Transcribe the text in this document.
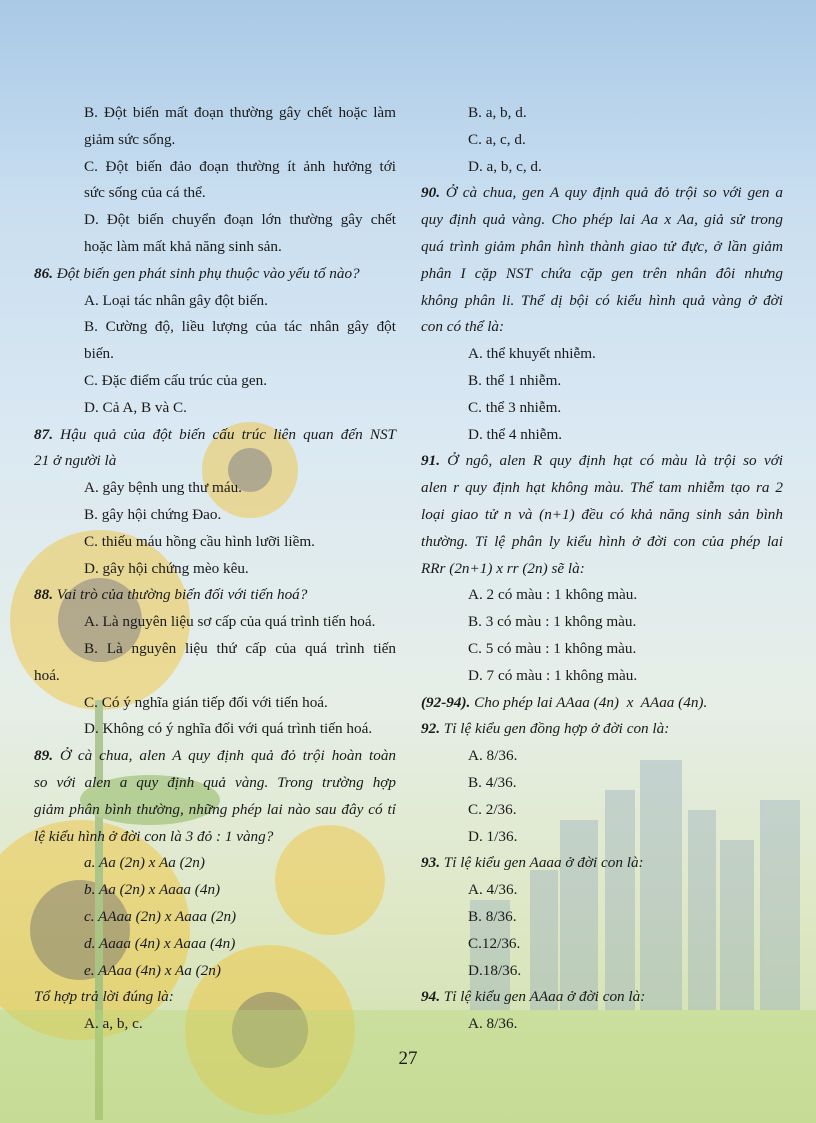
B. Đột biến mất đoạn thường gây chết hoặc làm
giảm sức sống.
C. Đột biến đảo đoạn thường ít ảnh hưởng tới
sức sống của cá thể.
D. Đột biến chuyển đoạn lớn thường gây chết
hoặc làm mất khả năng sinh sản.
86. Đột biến gen phát sinh phụ thuộc vào yếu tố nào?
A. Loại tác nhân gây đột biến.
B. Cường độ, liều lượng của tác nhân gây đột
biến.
C. Đặc điểm cấu trúc của gen.
D. Cả A, B và C.
87. Hậu quả của đột biến cấu trúc liên quan đến NST
21 ở người là
A. gây bệnh ung thư máu.
B. gây hội chứng Đao.
C. thiếu máu hồng cầu hình lưỡi liềm.
D. gây hội chứng mèo kêu.
88. Vai trò của thường biến đối với tiến hoá?
A. Là nguyên liệu sơ cấp của quá trình tiến hoá.
B. Là nguyên liệu thứ cấp của quá trình tiến
hoá.
C. Có ý nghĩa gián tiếp đối với tiến hoá.
D. Không có ý nghĩa đối với quá trình tiến hoá.
89. Ở cà chua, alen A quy định quả đỏ trội hoàn toàn
so với alen a quy định quả vàng. Trong trường hợp
giảm phân bình thường, những phép lai nào sau đây có tỉ
lệ kiểu hình ở đời con là 3 đỏ : 1 vàng?
a. Aa (2n) x Aa (2n)
b. Aa (2n) x Aaaa (4n)
c. AAaa (2n) x Aaaa (2n)
d. Aaaa (4n) x Aaaa (4n)
e. AAaa (4n) x Aa (2n)
Tổ hợp trả lời đúng là:
A. a, b, c.
B. a, b, d.
C. a, c, d.
D. a, b, c, d.
90. Ở cà chua, gen A quy định quả đỏ trội so với gen a
quy định quả vàng. Cho phép lai Aa x Aa, giả sử trong
quá trình giảm phân hình thành giao tử đực, ở lần giảm
phân I cặp NST chứa cặp gen trên nhân đôi nhưng
không phân li. Thể dị bội có kiểu hình quả vàng ở đời
con có thể là:
A. thể khuyết nhiễm.
B. thể 1 nhiễm.
C. thể 3 nhiễm.
D. thể 4 nhiễm.
91. Ở ngô, alen R quy định hạt có màu là trội so với
alen r quy định hạt không màu. Thể tam nhiễm tạo ra 2
loại giao tử n và (n+1) đều có khả năng sinh sản bình
thường. Tỉ lệ phân ly kiểu hình ở đời con của phép lai
RRr (2n+1) x rr (2n) sẽ là:
A. 2 có màu : 1 không màu.
B. 3 có màu : 1 không màu.
C. 5 có màu : 1 không màu.
D. 7 có màu : 1 không màu.
(92-94). Cho phép lai AAaa (4n)  x  AAaa (4n).
92. Tỉ lệ kiểu gen đồng hợp ở đời con là:
A. 8/36.
B. 4/36.
C. 2/36.
D. 1/36.
93. Tỉ lệ kiểu gen Aaaa ở đời con là:
A. 4/36.
B. 8/36.
C.12/36.
D.18/36.
94. Tỉ lệ kiểu gen AAaa ở đời con là:
A. 8/36.
27
